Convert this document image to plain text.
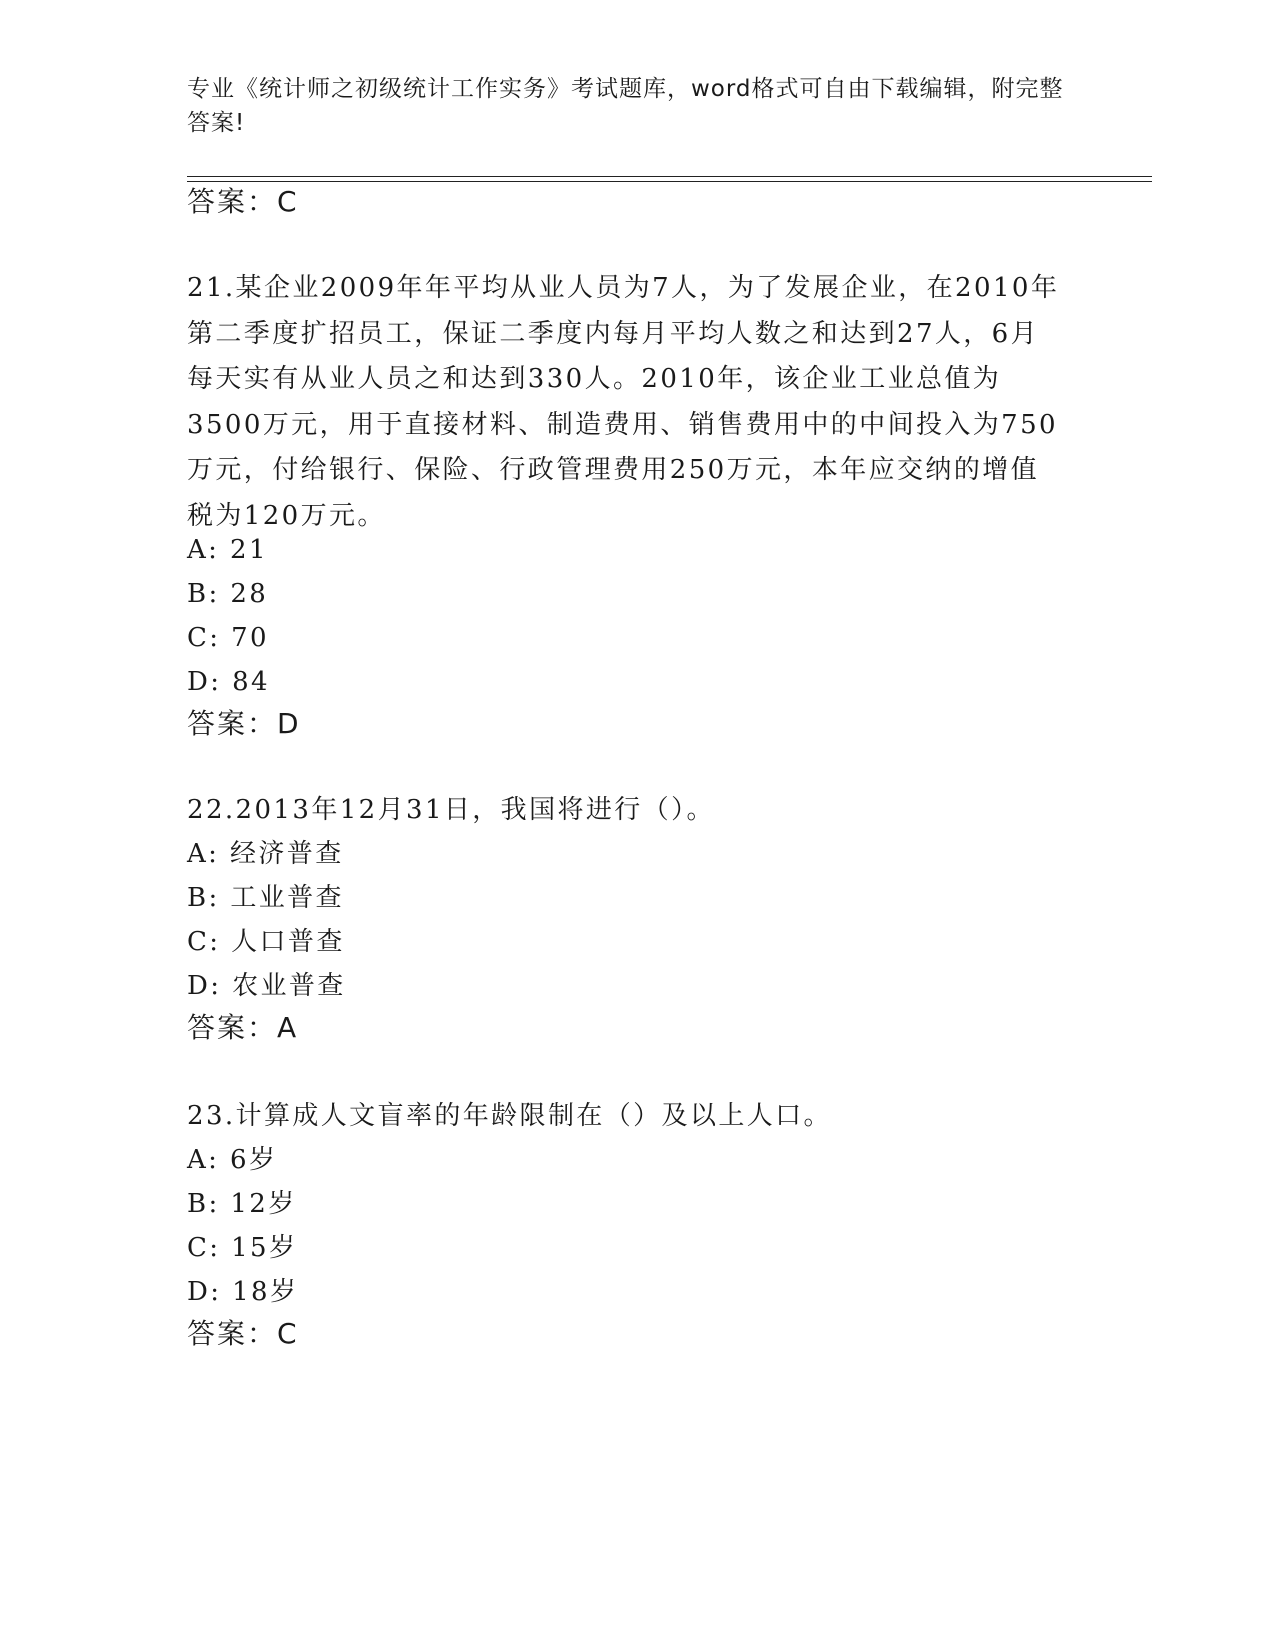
专业《统计师之初级统计工作实务》考试题库，word格式可自由下载编辑，附完整答案!
答案：C
21.某企业2009年年平均从业人员为7人，为了发展企业，在2010年第二季度扩招员工，保证二季度内每月平均人数之和达到27人，6月每天实有从业人员之和达到330人。2010年，该企业工业总值为3500万元，用于直接材料、制造费用、销售费用中的中间投入为750万元，付给银行、保险、行政管理费用250万元，本年应交纳的增值税为120万元。
A: 21
B: 28
C: 70
D: 84
答案：D
22.2013年12月31日，我国将进行（）。
A: 经济普查
B: 工业普查
C: 人口普查
D: 农业普查
答案：A
23.计算成人文盲率的年龄限制在（）及以上人口。
A: 6岁
B: 12岁
C: 15岁
D: 18岁
答案：C
